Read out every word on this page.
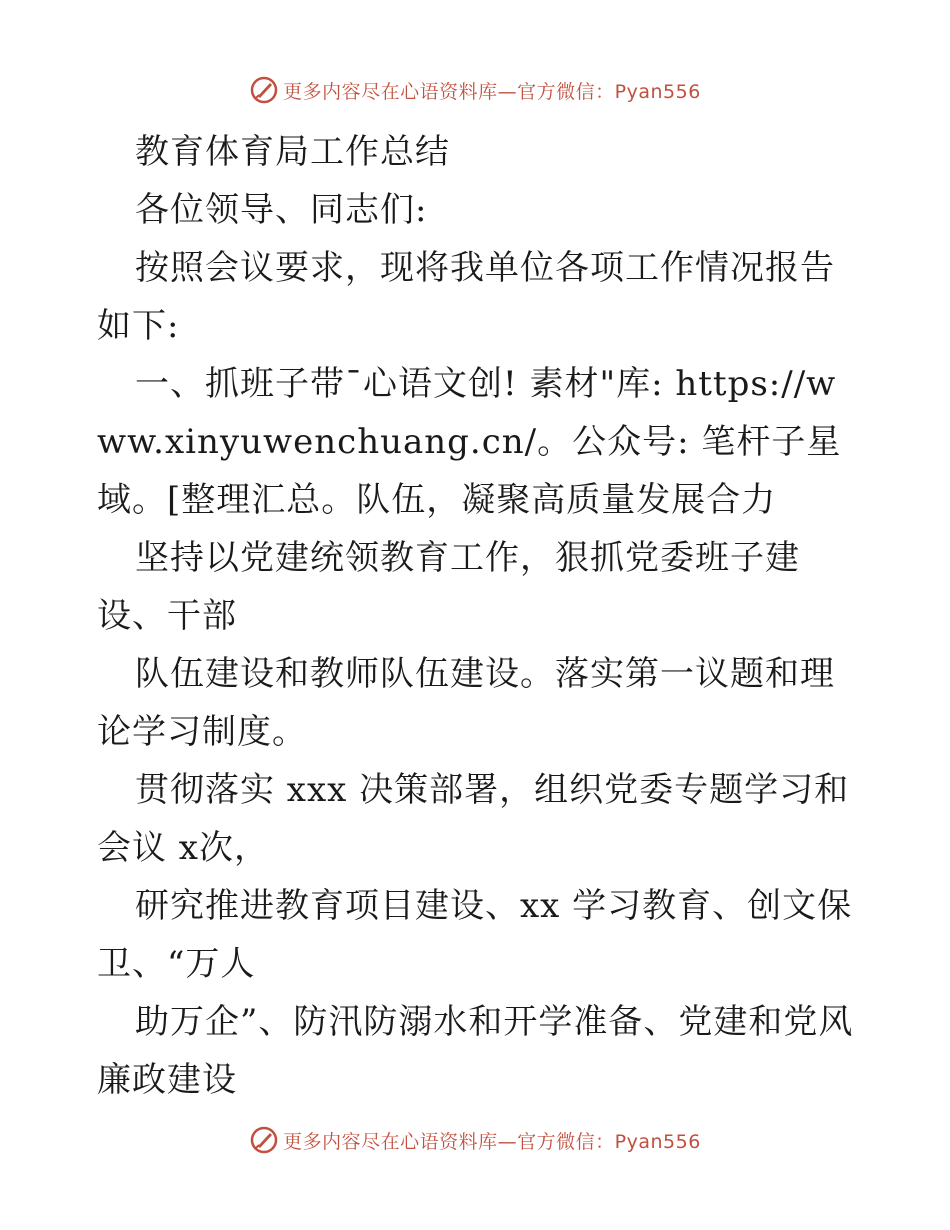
更多内容尽在心语资料库—官方微信：Pyan556

教育体育局工作总结

各位领导、同志们:

按照会议要求，现将我单位各项工作情况报告如下:

一、抓班子带¯心语文创! 素材"库: https://www.xinyuwenchuang.cn/。公众号: 笔杆子星域。[整理汇总。队伍，凝聚高质量发展合力

坚持以党建统领教育工作，狠抓党委班子建设、干部

队伍建设和教师队伍建设。落实第一议题和理论学习制度。

贯彻落实 xxx 决策部署，组织党委专题学习和会议 x次，

研究推进教育项目建设、xx 学习教育、创文保卫、“万人

助万企”、防汛防溺水和开学准备、党建和党风廉政建设

更多内容尽在心语资料库—官方微信：Pyan556
